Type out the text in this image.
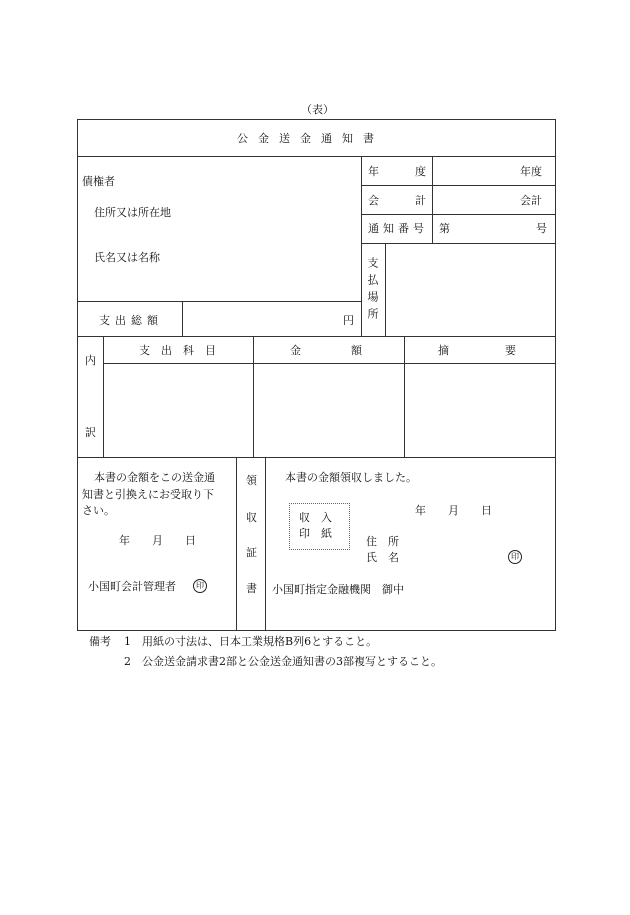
（表）
公金送金通知書
債権者
住所又は所在地
氏名又は名称
支出総額	円
年度	年度
会計	会計
通知番号 第	号
支払場所
内
訳
支出科目	金額 摘要
本書の金額をこの送金通
知書と引換えにお受取り下
さい。
年　　月　　日
小国町会計管理者	印
領
収
証
書
本書の金額領収しました。
年　　月　　日
収　入
印　紙
住　所
氏　名	印
小国町指定金融機関　御中
備考 1 用紙の寸法は、日本工業規格B列6とすること。
2 公金送金請求書2部と公金送金通知書の3部複写とすること。
